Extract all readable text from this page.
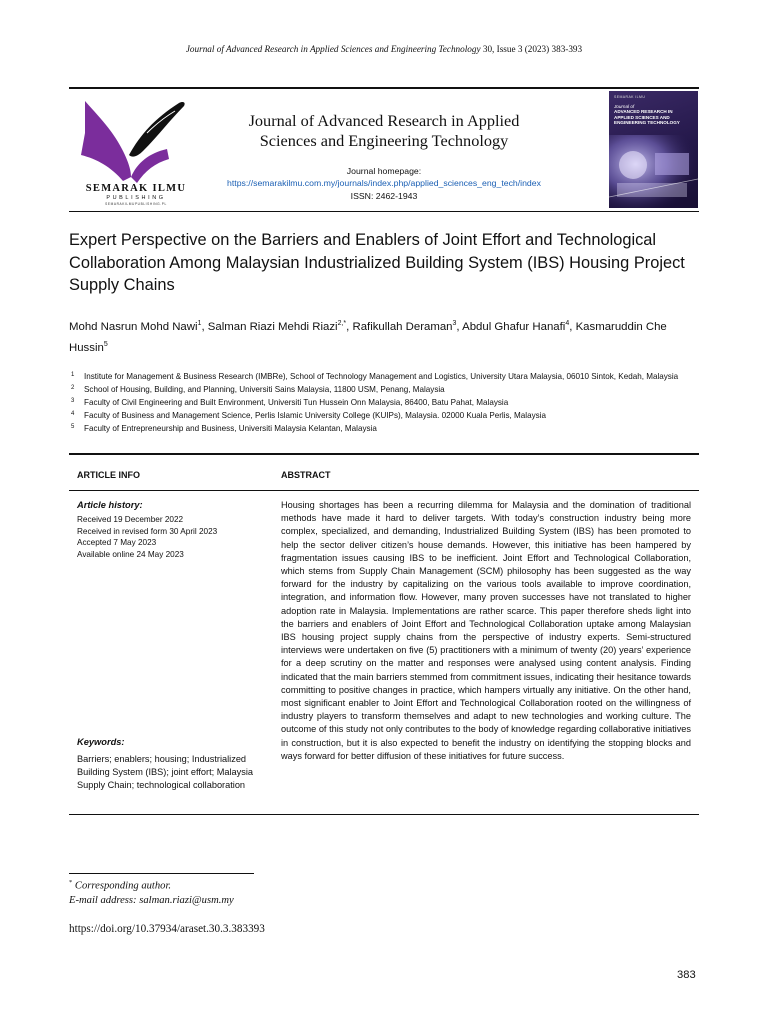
Journal of Advanced Research in Applied Sciences and Engineering Technology 30, Issue 3 (2023) 383-393
SEMARAK ILMU
PUBLISHING
SEMARAKILMUPUBLISHING.PL
Journal of Advanced Research in Applied
Sciences and Engineering Technology
Journal homepage:
https://semarakilmu.com.my/journals/index.php/applied_sciences_eng_tech/index
ISSN: 2462-1943
SEMARAK ILMU
Journal of
ADVANCED RESEARCH IN
APPLIED SCIENCES AND
ENGINEERING TECHNOLOGY
Expert Perspective on the Barriers and Enablers of Joint Effort and Technological Collaboration Among Malaysian Industrialized Building System (IBS) Housing Project Supply Chains
Mohd Nasrun Mohd Nawi$^1$, Salman Riazi Mehdi Riazi$^{2,*}$, Rafikullah Deraman$^3$, Abdul Ghafur Hanafi$^4$, Kasmaruddin Che Hussin$^5$
1 Institute for Management & Business Research (IMBRe), School of Technology Management and Logistics, University Utara Malaysia, 06010 Sintok, Kedah, Malaysia
2 School of Housing, Building, and Planning, Universiti Sains Malaysia, 11800 USM, Penang, Malaysia
3 Faculty of Civil Engineering and Built Environment, Universiti Tun Hussein Onn Malaysia, 86400, Batu Pahat, Malaysia
4 Faculty of Business and Management Science, Perlis Islamic University College (KUIPs), Malaysia. 02000 Kuala Perlis, Malaysia
5 Faculty of Entrepreneurship and Business, Universiti Malaysia Kelantan, Malaysia
ARTICLE INFO	ABSTRACT
Article history:
Received 19 December 2022
Received in revised form 30 April 2023
Accepted 7 May 2023
Available online 24 May 2023
Keywords:
Barriers; enablers; housing; Industrialized Building System (IBS); joint effort; Malaysia Supply Chain; technological collaboration
Housing shortages has been a recurring dilemma for Malaysia and the domination of traditional methods have made it hard to deliver targets. With today’s construction industry being more complex, specialized, and demanding, Industrialized Building System (IBS) has been promoted to help the sector deliver citizen’s house demands. However, this initiative has been hampered by fragmentation issues causing IBS to be inefficient. Joint Effort and Technological Collaboration, which stems from Supply Chain Management (SCM) philosophy has been suggested as the way forward for the industry by capitalizing on the various tools available to improve coordination, integration, and information flow. However, many proven successes have not translated to higher adoption rate in Malaysia. Implementations are rather scarce. This paper therefore sheds light into the barriers and enablers of Joint Effort and Technological Collaboration uptake among Malaysian IBS housing project supply chains from the perspective of industry experts. Semi-structured interviews were undertaken on five (5) practitioners with a minimum of twenty (20) years’ experience for a deep scrutiny on the matter and responses were analysed using content analysis. Finding indicated that the main barriers stemmed from commitment issues, indicating their hesitance towards committing to positive changes in practice, which hampers virtually any initiative. On the other hand, most significant enabler to Joint Effort and Technological Collaboration rooted on the willingness of industry players to transform themselves and adapt to new technologies and working culture. The outcome of this study not only contributes to the body of knowledge regarding collaborative initiatives in construction, but it is also expected to benefit the industry on identifying the stopping blocks and ways forward for better diffusion of these initiatives for future success.
* Corresponding author.
E-mail address: salman.riazi@usm.my
https://doi.org/10.37934/araset.30.3.383393
383
